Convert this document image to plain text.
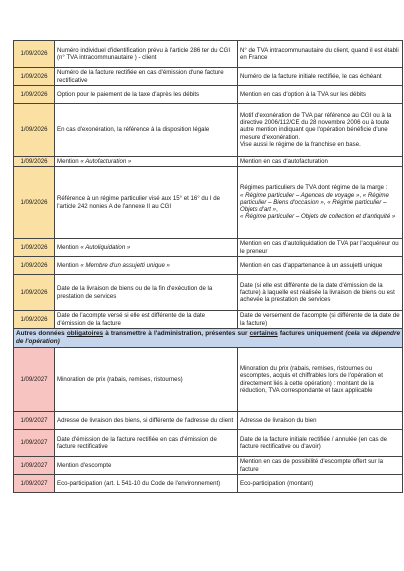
1/09/2026	Numéro individuel d'identification prévu à l'article 286 ter du CGI (n° TVA intracommunautaire ) - client	N° de TVA intracommunautaire du client, quand il est établi en France
1/09/2026	Numéro de la facture rectifiée en cas d'émission d'une facture rectificative	Numéro de la facture initiale rectifiée, le cas échéant
1/09/2026	Option pour le paiement de la taxe d'après les débits	Mention en cas d'option à la TVA sur les débits
1/09/2026	En cas d'exonération, la référence à la disposition légale	Motif d'exonération de TVA par référence au CGI ou à la directive 2006/112/CE du 28 novembre 2006 ou à toute autre mention indiquant que l'opération bénéficie d'une mesure d'exonération.
Vise aussi le régime de la franchise en base.
1/09/2026	Mention « Autofacturation »	Mention en cas d'autofacturation
1/09/2026	Référence à un régime particulier visé aux 15° et 16° du I de l'article 242 nonies A de l'annexe II au CGI	Régimes particuliers de TVA dont régime de la marge :
« Régime particulier – Agences de voyage », « Régime particulier – Biens d'occasion », « Régime particulier – Objets d'art »,
« Régime particulier – Objets de collection et d'antiquité »
1/09/2026	Mention « Autoliquidation »	Mention en cas d'autoliquidation de TVA par l'acquéreur ou le preneur
1/09/2026	Mention « Membre d'un assujetti unique »	Mention en cas d'appartenance à un assujetti unique
1/09/2026	Date de la livraison de biens ou de la fin d'exécution de la prestation de services	Date (si elle est différente de la date d'émission de la facture) à laquelle est réalisée la livraison de biens ou est achevée la prestation de services
1/09/2026	Date de l'acompte versé si elle est différente de la date d'émission de la facture	Date de versement de l'acompte (si différente de la date de la facture)
Autres données obligatoires à transmettre à l'administration, présentes sur certaines factures uniquement (cela va dépendre de l'opération)		
1/09/2027	Minoration de prix (rabais, remises, ristournes)	Minoration du prix (rabais, remises, ristournes ou escomptes, acquis et chiffrables lors de l'opération et directement liés à cette opération) : montant de la réduction, TVA correspondante et taux applicable
1/09/2027	Adresse de livraison des biens, si différente de l'adresse du client	Adresse de livraison du bien
1/09/2027	Date d'émission de la facture rectifiée en cas d'émission de facture rectificative	Date de la facture initiale rectifiée / annulée (en cas de facture rectificative ou d'avoir)
1/09/2027	Mention d'escompte	Mention en cas de possibilité d'escompte offert sur la facture
1/09/2027	Eco-participation (art. L 541-10 du Code de l'environnement)	Eco-participation (montant)
